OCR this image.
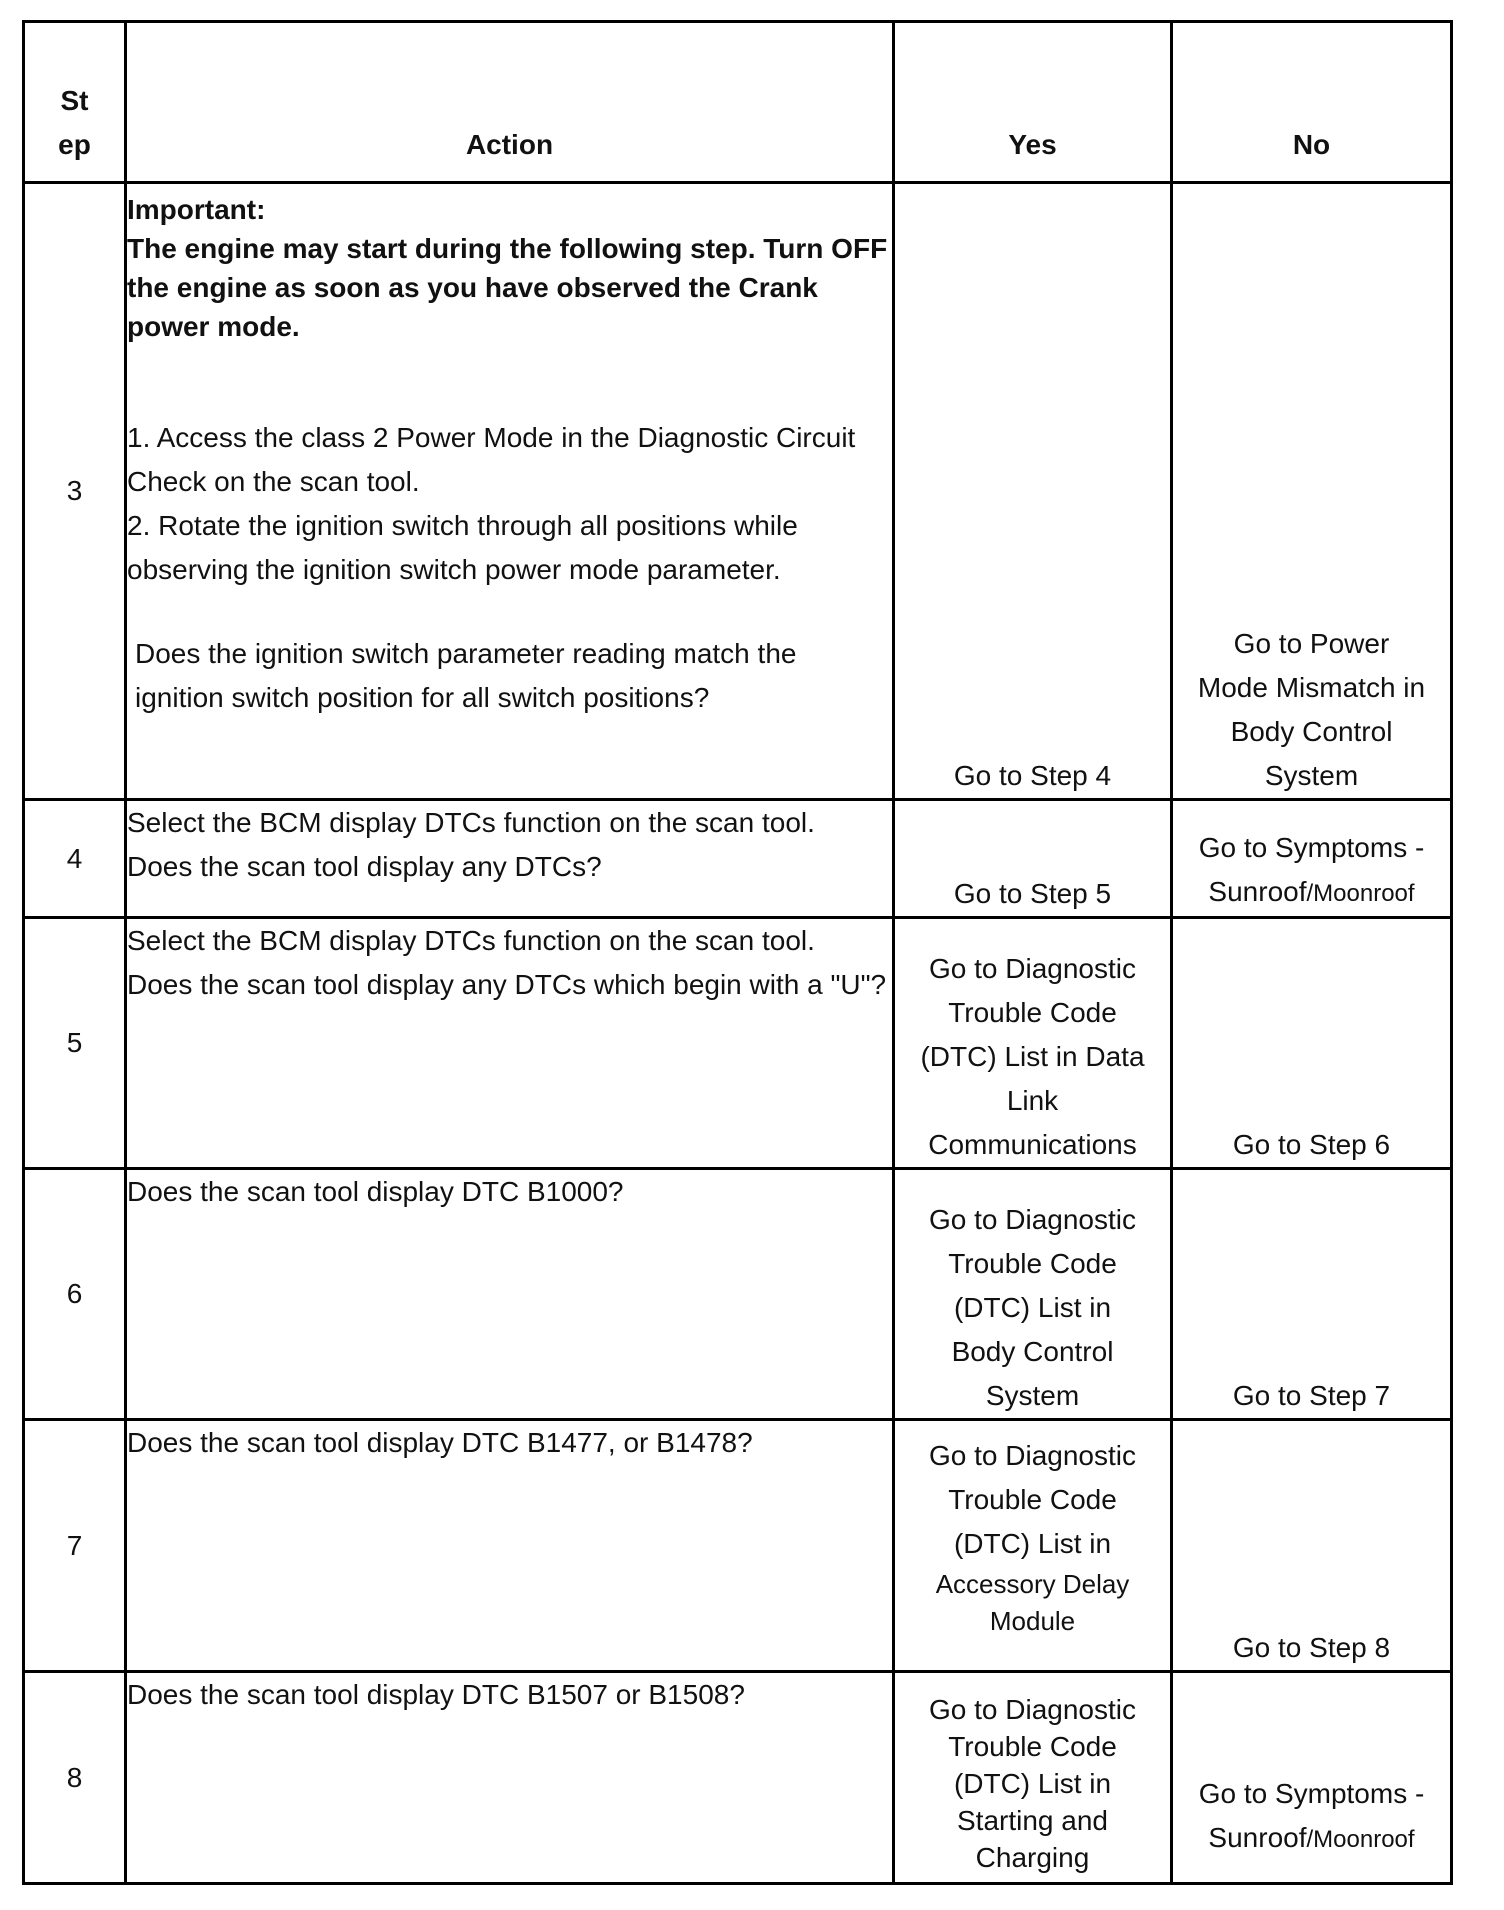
St ep	Action	Yes	No
3	Important:
The engine may start during the following step. Turn OFF the engine as soon as you have observed the Crank power mode.
1. Access the class 2 Power Mode in the Diagnostic Circuit Check on the scan tool.
2. Rotate the ignition switch through all positions while observing the ignition switch power mode parameter.
Does the ignition switch parameter reading match the ignition switch position for all switch positions?	Go to Step 4	Go to Power Mode Mismatch in Body Control System
4	Select the BCM display DTCs function on the scan tool.
Does the scan tool display any DTCs?	Go to Step 5	Go to Symptoms -
Sunroof/Moonroof

5	Select the BCM display DTCs function on the scan tool.
Does the scan tool display any DTCs which begin with a "U"?	Go to Diagnostic Trouble Code (DTC) List in Data Link Communications	Go to Step 6
6	Does the scan tool display DTC B1000?	Go to Diagnostic Trouble Code (DTC) List in Body Control System	Go to Step 7
7	Does the scan tool display DTC B1477, or B1478?	Go to Diagnostic Trouble Code (DTC) List in
Accessory Delay Module	Go to Step 8
8	Does the scan tool display DTC B1507 or B1508?	Go to Diagnostic Trouble Code (DTC) List in Starting and Charging	Go to Symptoms -
Sunroof/Moonroof
